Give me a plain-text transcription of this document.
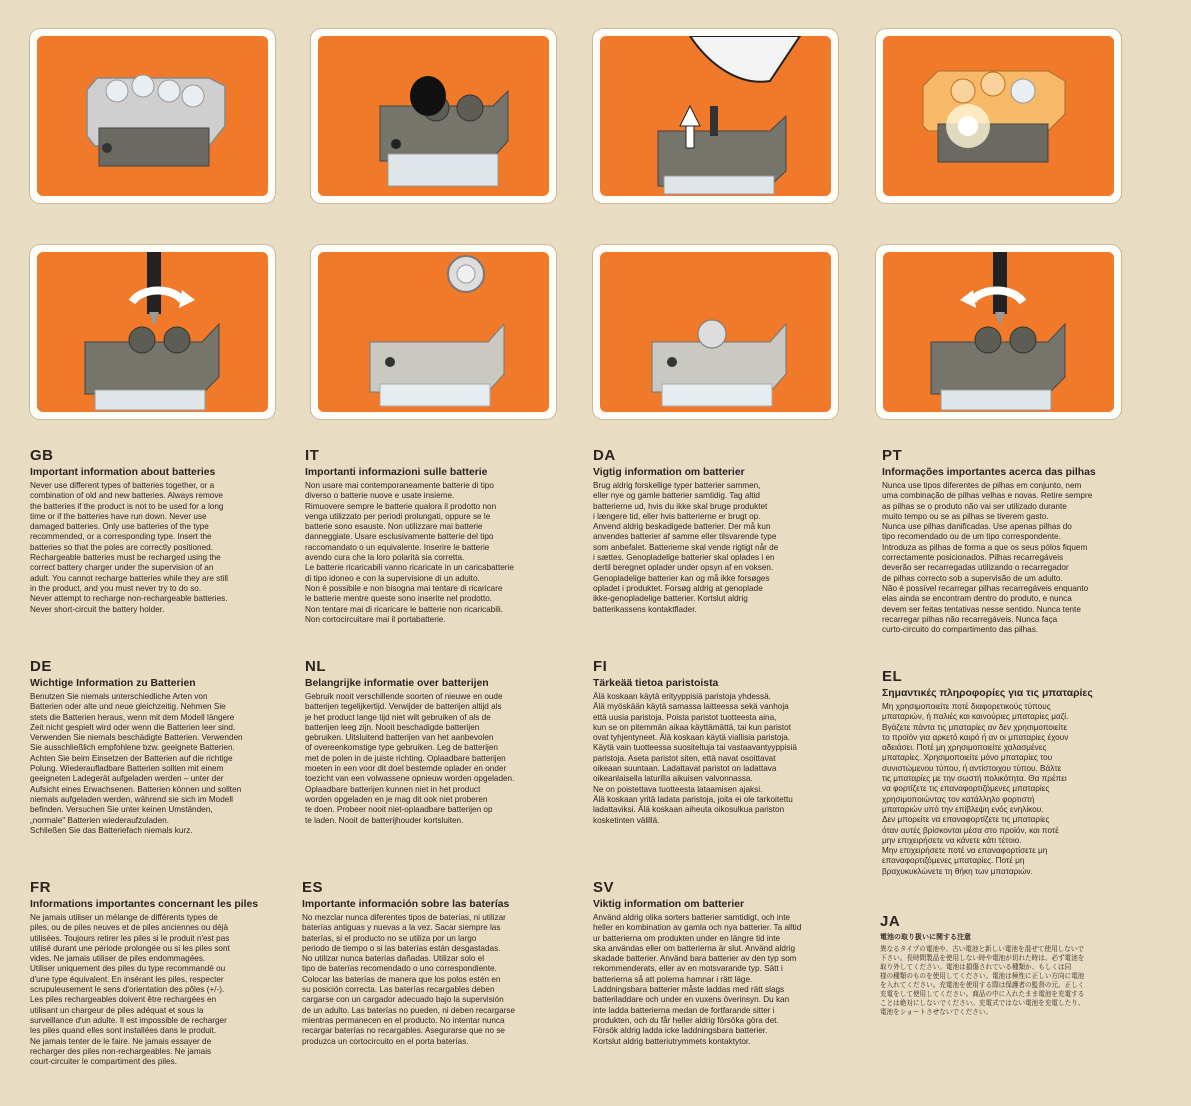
GB
Important information about batteries

Never use different types of batteries together, or a
combination of old and new batteries. Always remove
the batteries if the product is not to be used for a long
time or if the batteries have run down. Never use
damaged batteries. Only use batteries of the type
recommended, or a corresponding type. Insert the
batteries so that the poles are correctly positioned.
Rechargeable batteries must be recharged using the
correct battery charger under the supervision of an
adult. You cannot recharge batteries while they are still
in the product, and you must never try to do so.
Never attempt to recharge non-rechargeable batteries.
Never short-circuit the battery holder.

IT
Importanti informazioni sulle batterie

Non usare mai contemporaneamente batterie di tipo
diverso o batterie nuove e usate insieme.
Rimuovere sempre le batterie qualora il prodotto non
venga utilizzato per periodi prolungati, oppure se le
batterie sono esauste. Non utilizzare mai batterie
danneggiate. Usare esclusivamente batterie del tipo
raccomandato o un equivalente. Inserire le batterie
avendo cura che la loro polarità sia corretta.
Le batterie ricaricabili vanno ricaricate in un caricabatterie
di tipo idoneo e con la supervisione di un adulto.
Non è possibile e non bisogna mai tentare di ricaricare
le batterie mentre queste sono inserite nel prodotto.
Non tentare mai di ricaricare le batterie non ricaricabili.
Non cortocircuitare mai il portabatterie.

DA
Vigtig information om batterier

Brug aldrig forskellige typer batterier sammen,
eller nye og gamle batterier samtidig. Tag altid
batterierne ud, hvis du ikke skal bruge produktet
i længere tid, eller hvis batterierne er brugt op.
Anvend aldrig beskadigede batterier. Der må kun
anvendes batterier af samme eller tilsvarende type
som anbefalet. Batterierne skal vende rigtigt når de
i sættes. Genopladelige batterier skal oplades i en
dertil beregnet oplader under opsyn af en voksen.
Genopladelige batterier kan og må ikke forsøges
opladet i produktet. Forsøg aldrig at genoplade
ikke-genopladelige batterier. Kortslut aldrig
batterikassens kontaktflader.

PT
Informações importantes acerca das pilhas

Nunca use tipos diferentes de pilhas em conjunto, nem
uma combinação de pilhas velhas e novas. Retire sempre
as pilhas se o produto não vai ser utilizado durante
muito tempo ou se as pilhas se tiverem gasto.
Nunca use pilhas danificadas. Use apenas pilhas do
tipo recomendado ou de um tipo correspondente.
Introduza as pilhas de forma a que os seus pólos fiquem
correctamente posicionados. Pilhas recarregáveis
deverão ser recarregadas utilizando o recarregador
de pilhas correcto sob a supervisão de um adulto.
Não é possível recarregar pilhas recarregáveis enquanto
elas ainda se encontram dentro do produto, e nunca
devem ser feitas tentativas nesse sentido. Nunca tente
recarregar pilhas não recarregáveis. Nunca faça
curto-circuito do compartimento das pilhas.

DE
Wichtige Information zu Batterien

Benutzen Sie niemals unterschiedliche Arten von
Batterien oder alte und neue gleichzeitig. Nehmen Sie
stets die Batterien heraus, wenn mit dem Modell längere
Zeit nicht gespielt wird oder wenn die Batterien leer sind.
Verwenden Sie niemals beschädigte Batterien. Verwenden
Sie ausschließlich empfohlene bzw. geeignete Batterien.
Achten Sie beim Einsetzen der Batterien auf die richtige
Polung. Wiederaufladbare Batterien sollten mit einem
geeigneten Ladegerät aufgeladen werden – unter der
Aufsicht eines Erwachsenen. Batterien können und sollten
niemals aufgeladen werden, während sie sich im Modell
befinden. Versuchen Sie unter keinen Umständen,
„normale" Batterien wiederaufzuladen.
Schließen Sie das Batteriefach niemals kurz.

NL
Belangrijke informatie over batterijen

Gebruik nooit verschillende soorten of nieuwe en oude
batterijen tegelijkertijd. Verwijder de batterijen altijd als
je het product lange tijd niet wilt gebruiken of als de
batterijen leeg zijn. Nooit beschadigde batterijen
gebruiken. Uitsluitend batterijen van het aanbevolen
of overeenkomstige type gebruiken. Leg de batterijen
met de polen in de juiste richting. Oplaadbare batterijen
moeten in een voor dit doel bestemde oplader en onder
toezicht van een volwassene opnieuw worden opgeladen.
Oplaadbare batterijen kunnen niet in het product
worden opgeladen en je mag dit ook niet proberen
te doen. Probeer nooit niet-oplaadbare batterijen op
te laden. Nooit de batterijhouder kortsluiten.

FI
Tärkeää tietoa paristoista

Älä koskaan käytä erityyppisiä paristoja yhdessä.
Älä myöskään käytä samassa laitteessa sekä vanhoja
että uusia paristoja. Poista paristot tuotteesta aina,
kun se on pitemmän aikaa käyttämättä, tai kun paristot
ovat tyhjentyneet. Älä koskaan käytä viallisia paristoja.
Käytä vain tuotteessa suositeltuja tai vastaavantyyppisiä
paristoja. Aseta paristot siten, että navat osoittavat
oikeaan suuntaan. Ladattavat paristot on ladattava
oikeanlaisella laturilla aikuisen valvonnassa.
Ne on poistettava tuotteesta lataamisen ajaksi.
Älä koskaan yritä ladata paristoja, joita ei ole tarkoitettu
ladattaviksi. Älä koskaan aiheuta oikosulkua pariston
kosketinten välillä.

EL
Σημαντικές πληροφορίες για τις μπαταρίες

Μη χρησιμοποιείτε ποτέ διαφορετικούς τύπους
μπαταριών, ή παλιές και καινούριες μπαταρίες μαζί.
Βγάζετε πάντα τις μπαταρίες αν δεν χρησιμοποιείτε
το προϊόν για αρκετό καιρό ή αν οι μπαταρίες έχουν
αδειάσει. Ποτέ μη χρησιμοποιείτε χαλασμένες
μπαταρίες. Χρησιμοποιείτε μόνο μπαταρίες του
συνιστώμενου τύπου, ή αντίστοιχου τύπου. Βάλτε
τις μπαταρίες με την σωστή πολικότητα. Θα πρέπει
να φορτίζετε τις επαναφορτιζόμενες μπαταρίες
χρησιμοποιώντας τον κατάλληλο φορτιστή
μπαταριών υπό την επίβλεψη ενός ενηλίκου.
Δεν μπορείτε να επαναφορτίζετε τις μπαταρίες
όταν αυτές βρίσκονται μέσα στο προϊόν, και ποτέ
μην επιχειρήσετε να κάνετε κάτι τέτοιο.
Μην επιχειρήσετε ποτέ να επαναφορτίσετε μη
επαναφορτιζόμενες μπαταρίες. Ποτέ μη
βραχυκυκλώνετε τη θήκη των μπαταριών.

FR
Informations importantes concernant les piles

Ne jamais utiliser un mélange de différents types de
piles, ou de piles neuves et de piles anciennes ou déjà
utilisées. Toujours retirer les piles si le produit n'est pas
utilisé durant une période prolongée ou si les piles sont
vides. Ne jamais utiliser de piles endommagées.
Utiliser uniquement des piles du type recommandé ou
d'une type équivalent. En insérant les piles, respecter
scrupuleusement le sens d'orientation des pôles (+/-).
Les piles rechargeables doivent être rechargées en
utilisant un chargeur de piles adéquat et sous la
surveillance d'un adulte. Il est impossible de recharger
les piles quand elles sont installées dans le produit.
Ne jamais tenter de le faire. Ne jamais essayer de
recharger des piles non-rechargeables. Ne jamais
court-circuiter le compartiment des piles.

ES
Importante información sobre las baterías

No mezclar nunca diferentes tipos de baterías, ni utilizar
baterías antiguas y nuevas a la vez. Sacar siempre las
baterías, si el producto no se utiliza por un largo
periodo de tiempo o si las baterías están desgastadas.
No utilizar nunca baterías dañadas. Utilizar solo el
tipo de baterías recomendado o uno correspondiente.
Colocar las baterías de manera que los polos estén en
su posición correcta. Las baterías recargables deben
cargarse con un cargador adecuado bajo la supervisión
de un adulto. Las baterías no pueden, ni deben recargarse
mientras permanecen en el producto. No intentar nunca
recargar baterías no recargables. Asegurarse que no se
produzca un cortocircuito en el porta baterías.

SV
Viktig information om batterier

Använd aldrig olika sorters batterier samtidigt, och inte
heller en kombination av gamla och nya batterier. Ta alltid
ur batterierna om produkten under en längre tid inte
ska användas eller om batterierna är slut. Använd aldrig
skadade batterier. Använd bara batterier av den typ som
rekommenderats, eller av en motsvarande typ. Sätt i
batterierna så att polerna hamnar i rätt läge.
Laddningsbara batterier måste laddas med rätt slags
batteriladdare och under en vuxens överinsyn. Du kan
inte ladda batterierna medan de fortfarande sitter i
produkten, och du får heller aldrig försöka göra det.
Försök aldrig ladda icke laddningsbara batterier.
Kortslut aldrig batteriutrymmets kontaktytor.

JA
電池の取り扱いに関する注意

異なるタイプの電池や、古い電池と新しい電池を混ぜて使用しないで
下さい。長時間製品を使用しない時や電池が切れた時は、必ず電池を
取り外してください。電池は損傷されている種類か、もしくは同
様の種類のものを使用してください。電池は極性に正しい方向に電池
を入れてください。充電池を使用する際は保護者の監督の元、正しく
充電をして使用してください。商品の中に入れたまま電池を充電する
ことは絶対にしないでください。充電式ではない電池を充電したり、
電池をショートさせないでください。
